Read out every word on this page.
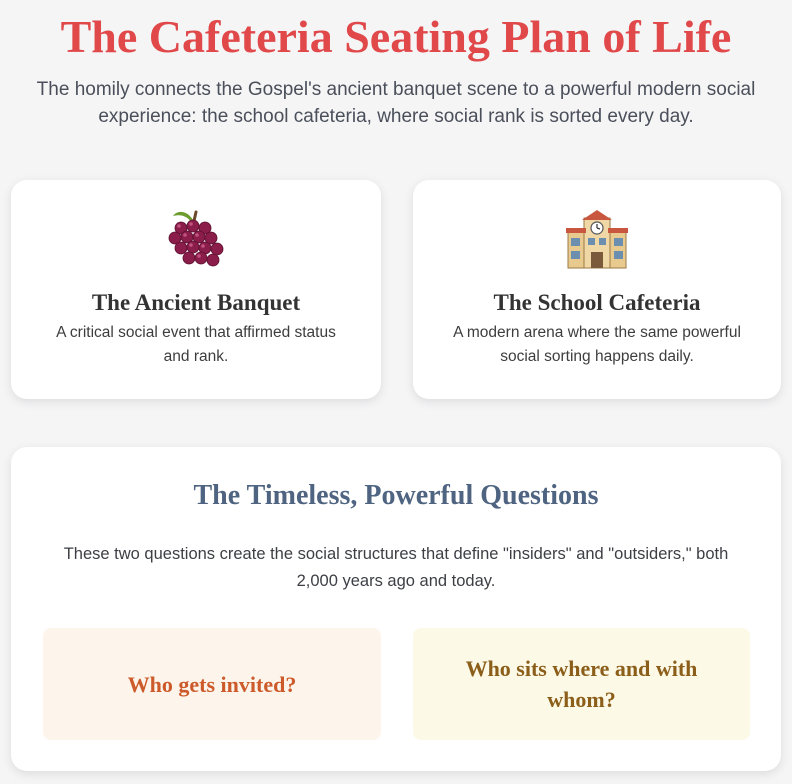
The Cafeteria Seating Plan of Life

The homily connects the Gospel's ancient banquet scene to a powerful modern social experience: the school cafeteria, where social rank is sorted every day.

The Ancient Banquet
A critical social event that affirmed status and rank.
The School Cafeteria
A modern arena where the same powerful social sorting happens daily.
The Timeless, Powerful Questions

These two questions create the social structures that define "insiders" and "outsiders," both 2,000 years ago and today.

Who gets invited?
Who sits where and with whom?
